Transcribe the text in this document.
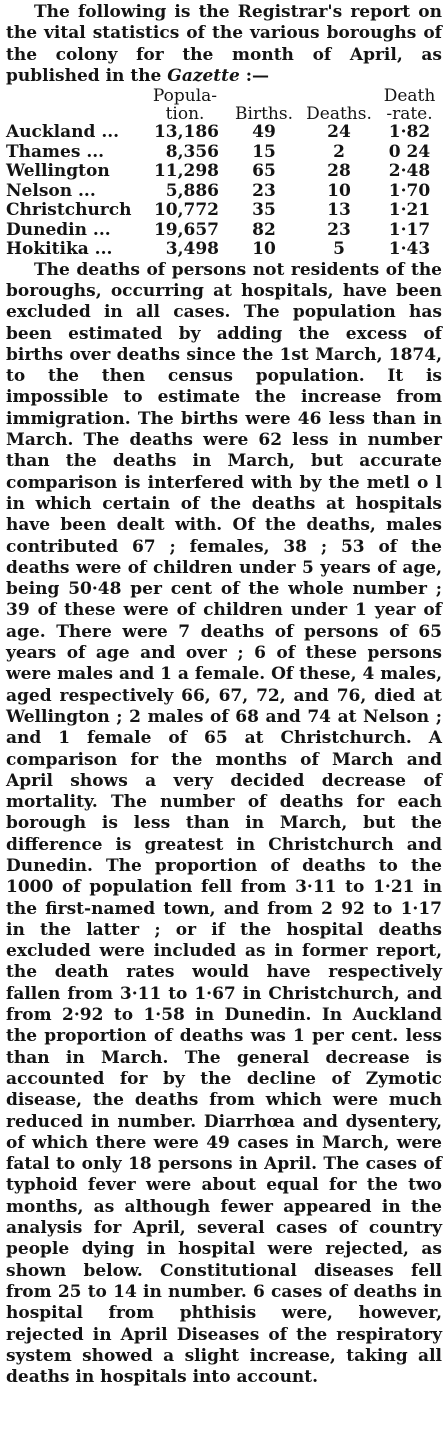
The following is the Registrar's report on the vital statistics of the various boroughs of the colony for the month of April, as published in the Gazette :—

	Popula-tion.	Births.	Deaths.	Death-rate.
Auckland ...	13,186	49	24	1·82
Thames ...	8,356	15	2	0 24
Wellington	11,298	65	28	2·48
Nelson ...	5,886	23	10	1·70
Christchurch	10,772	35	13	1·21
Dunedin ...	19,657	82	23	1·17
Hokitika ...	3,498	10	5	1·43

The deaths of persons not residents of the boroughs, occurring at hospitals, have been excluded in all cases. The population has been estimated by adding the excess of births over deaths since the 1st March, 1874, to the then census population. It is impossible to estimate the increase from immigration. The births were 46 less than in March. The deaths were 62 less in number than the deaths in March, but accurate comparison is interfered with by the metl o l in which certain of the deaths at hospitals have been dealt with. Of the deaths, males contributed 67 ; females, 38 ; 53 of the deaths were of children under 5 years of age, being 50·48 per cent of the whole number ; 39 of these were of children under 1 year of age. There were 7 deaths of persons of 65 years of age and over ; 6 of these persons were males and 1 a female. Of these, 4 males, aged respectively 66, 67, 72, and 76, died at Wellington ; 2 males of 68 and 74 at Nelson ; and 1 female of 65 at Christchurch. A comparison for the months of March and April shows a very decided decrease of mortality. The number of deaths for each borough is less than in March, but the difference is greatest in Christchurch and Dunedin. The proportion of deaths to the 1000 of population fell from 3·11 to 1·21 in the first-named town, and from 2 92 to 1·17 in the latter ; or if the hospital deaths excluded were included as in former report, the death rates would have respectively fallen from 3·11 to 1·67 in Christchurch, and from 2·92 to 1·58 in Dunedin. In Auckland the proportion of deaths was 1 per cent. less than in March. The general decrease is accounted for by the decline of Zymotic disease, the deaths from which were much reduced in number. Diarrhœa and dysentery, of which there were 49 cases in March, were fatal to only 18 persons in April. The cases of typhoid fever were about equal for the two months, as although fewer appeared in the analysis for April, several cases of country people dying in hospital were rejected, as shown below. Constitutional diseases fell from 25 to 14 in number. 6 cases of deaths in hospital from phthisis were, however, rejected in April Diseases of the respiratory system showed a slight increase, taking all deaths in hospitals into account.
